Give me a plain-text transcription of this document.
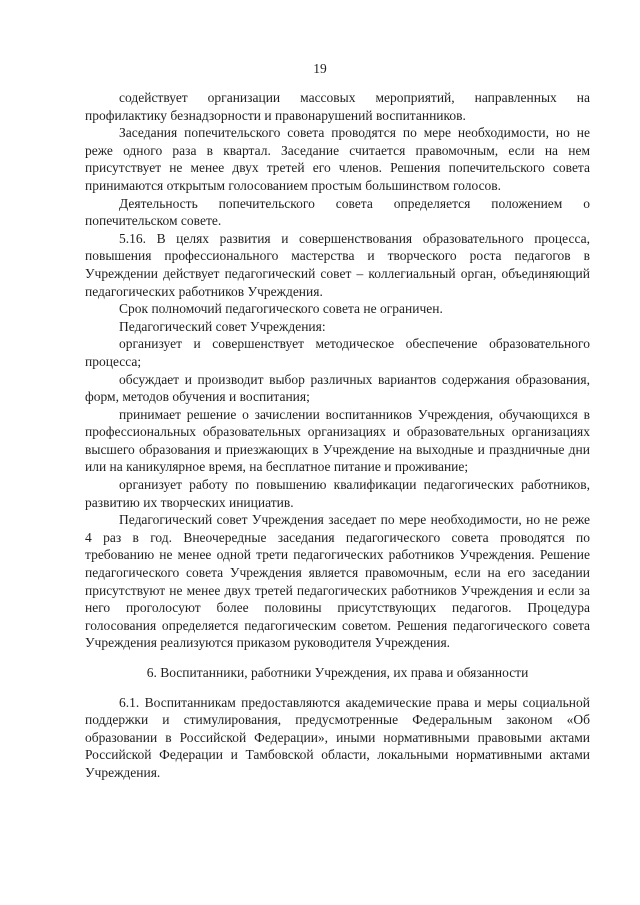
19

содействует организации массовых мероприятий, направленных на профилактику безнадзорности и правонарушений воспитанников.

Заседания попечительского совета проводятся по мере необходимости, но не реже одного раза в квартал. Заседание считается правомочным, если на нем присутствует не менее двух третей его членов. Решения попечительского совета принимаются открытым голосованием простым большинством голосов.

Деятельность попечительского совета определяется положением о попечительском совете.

5.16. В целях развития и совершенствования образовательного процесса, повышения профессионального мастерства и творческого роста педагогов в Учреждении действует педагогический совет – коллегиальный орган, объединяющий педагогических работников Учреждения.

Срок полномочий педагогического совета не ограничен.

Педагогический совет Учреждения:

организует и совершенствует методическое обеспечение образовательного процесса;

обсуждает и производит выбор различных вариантов содержания образования, форм, методов обучения и воспитания;

принимает решение о зачислении воспитанников Учреждения, обучающихся в профессиональных образовательных организациях и образовательных организациях высшего образования и приезжающих в Учреждение на выходные и праздничные дни или на каникулярное время, на бесплатное питание и проживание;

организует работу по повышению квалификации педагогических работников, развитию их творческих инициатив.

Педагогический совет Учреждения заседает по мере необходимости, но не реже 4 раз в год. Внеочередные заседания педагогического совета проводятся по требованию не менее одной трети педагогических работников Учреждения. Решение педагогического совета Учреждения является правомочным, если на его заседании присутствуют не менее двух третей педагогических работников Учреждения и если за него проголосуют более половины присутствующих педагогов. Процедура голосования определяется педагогическим советом. Решения педагогического совета Учреждения реализуются приказом руководителя Учреждения.

6. Воспитанники, работники Учреждения, их права и обязанности

6.1. Воспитанникам предоставляются академические права и меры социальной поддержки и стимулирования, предусмотренные Федеральным законом «Об образовании в Российской Федерации», иными нормативными правовыми актами Российской Федерации и Тамбовской области, локальными нормативными актами Учреждения.
